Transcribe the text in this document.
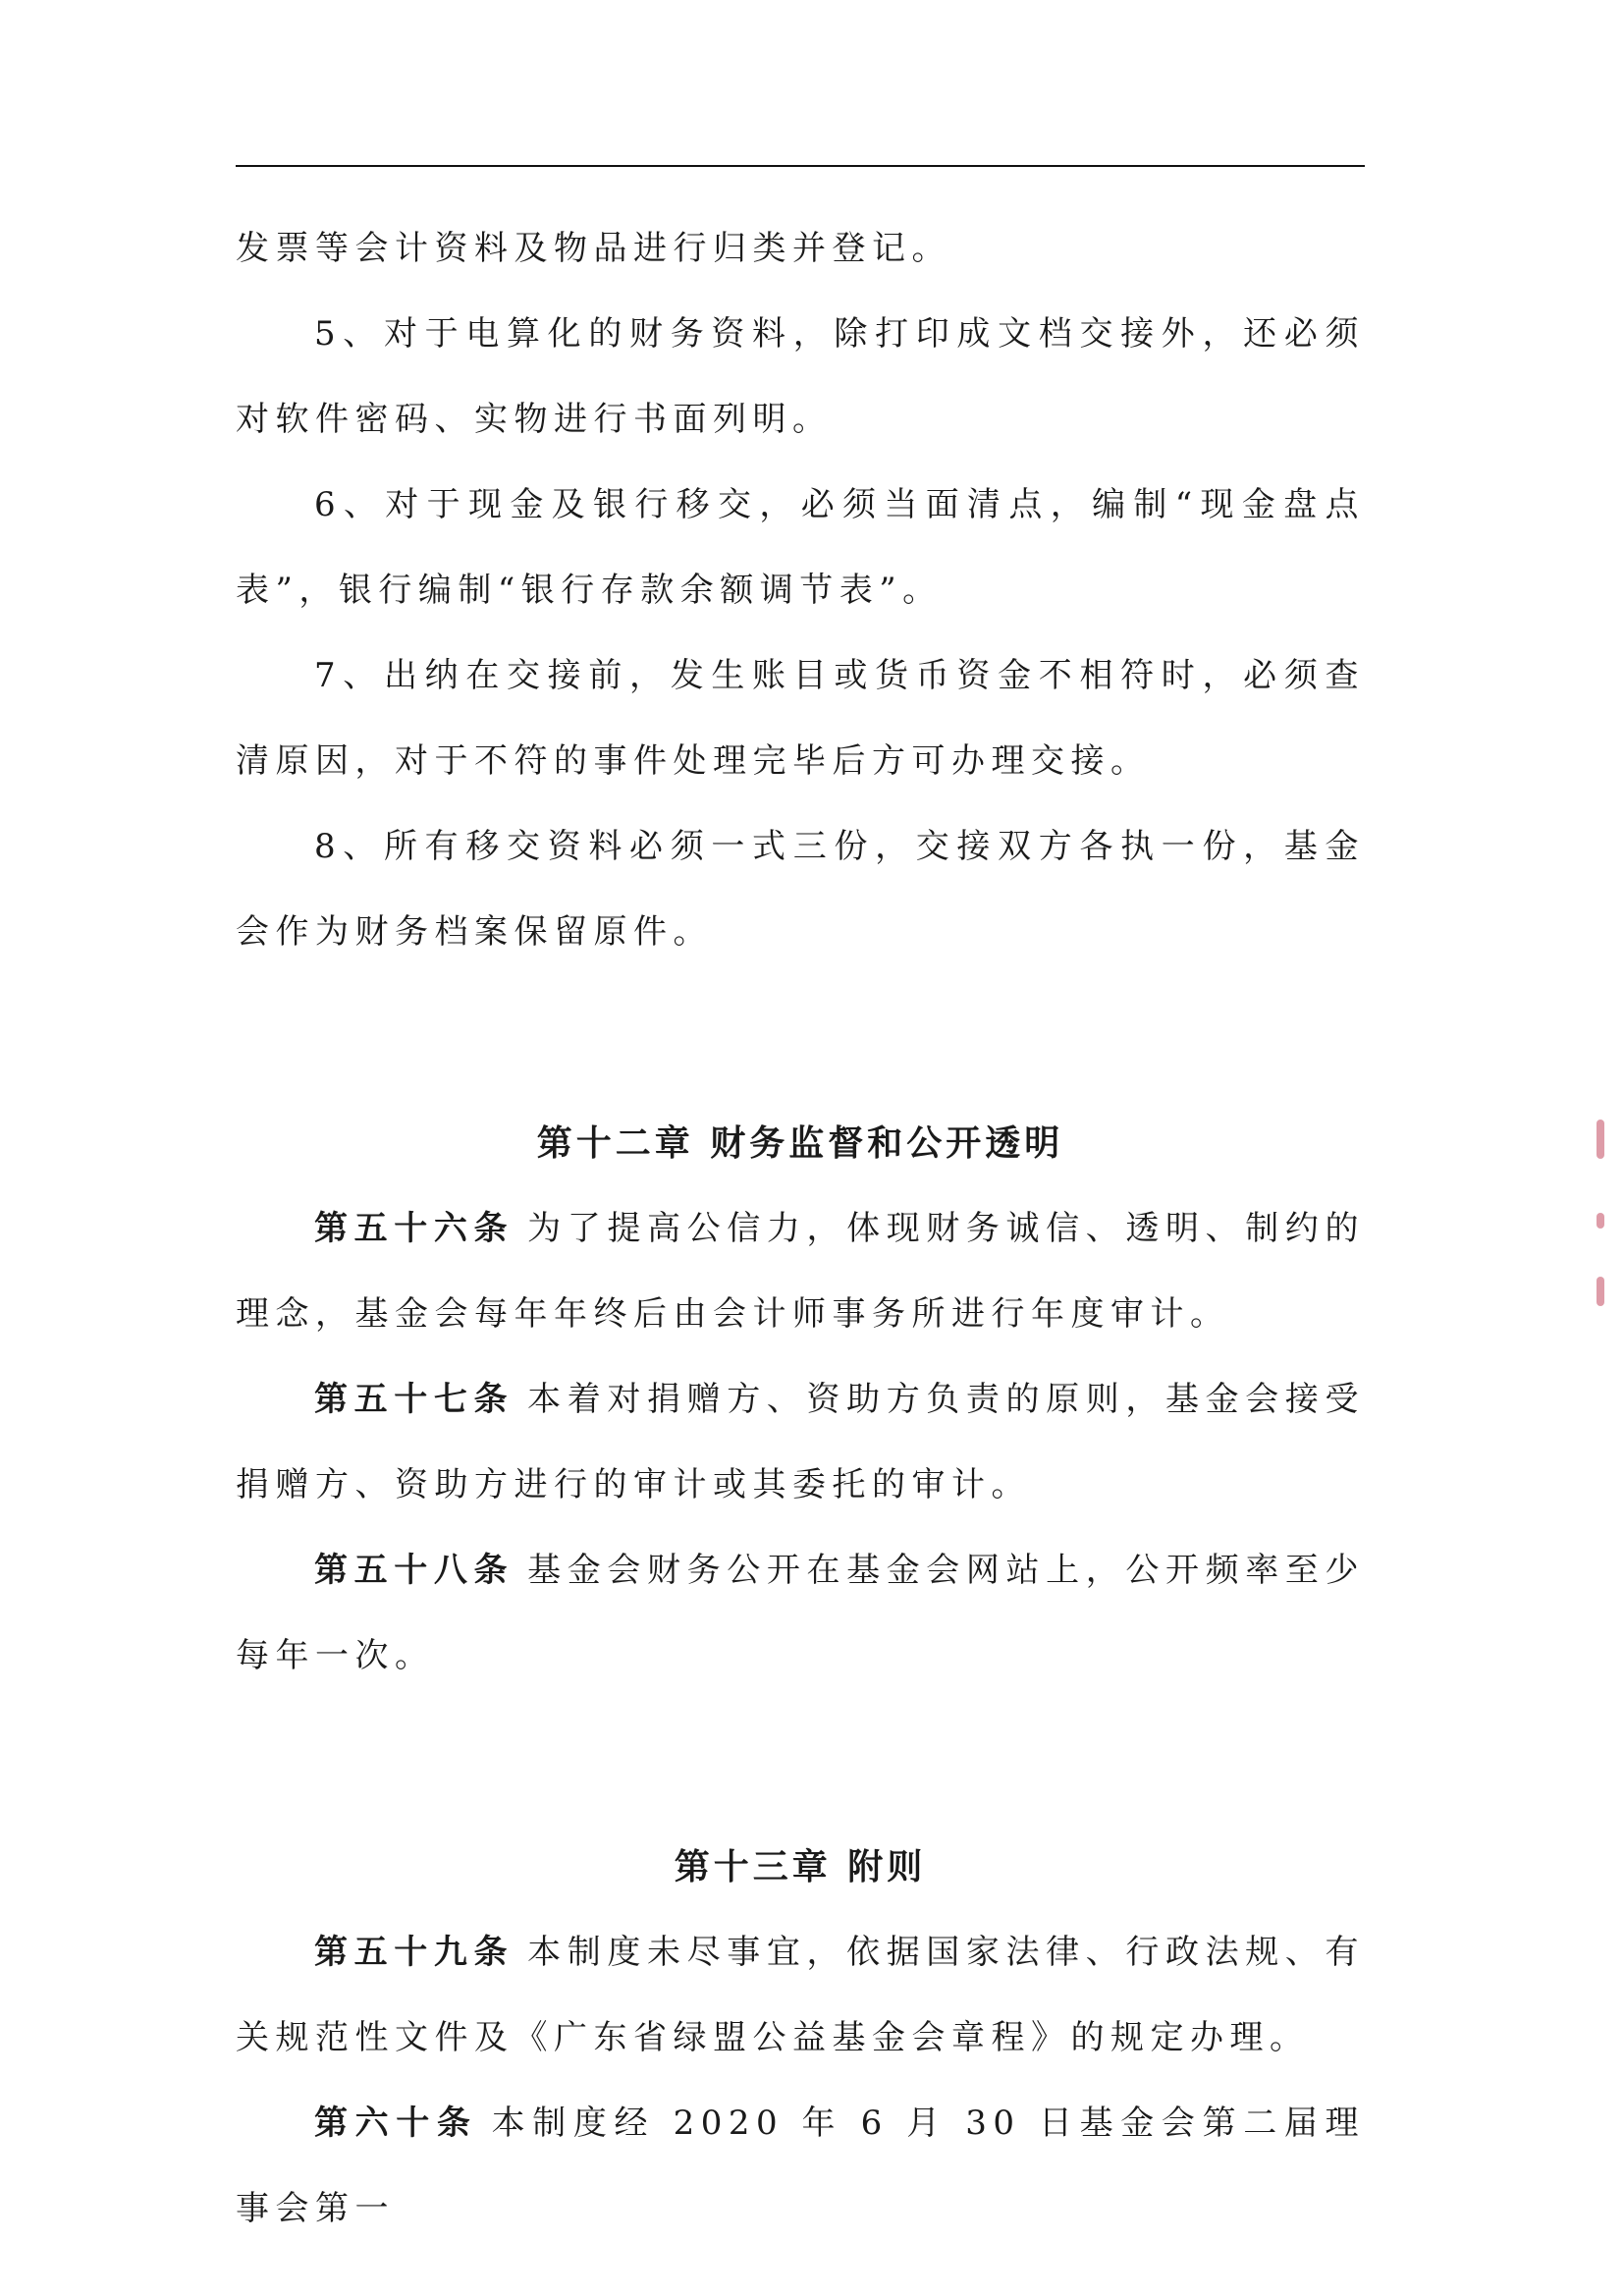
发票等会计资料及物品进行归类并登记。

5、对于电算化的财务资料，除打印成文档交接外，还必须对软件密码、实物进行书面列明。

6、对于现金及银行移交，必须当面清点，编制“现金盘点表”，银行编制“银行存款余额调节表”。

7、出纳在交接前，发生账目或货币资金不相符时，必须查清原因，对于不符的事件处理完毕后方可办理交接。

8、所有移交资料必须一式三份，交接双方各执一份，基金会作为财务档案保留原件。

第十二章 财务监督和公开透明

第五十六条 为了提高公信力，体现财务诚信、透明、制约的理念，基金会每年年终后由会计师事务所进行年度审计。

第五十七条 本着对捐赠方、资助方负责的原则，基金会接受捐赠方、资助方进行的审计或其委托的审计。

第五十八条 基金会财务公开在基金会网站上，公开频率至少每年一次。

第十三章 附则

第五十九条 本制度未尽事宜，依据国家法律、行政法规、有关规范性文件及《广东省绿盟公益基金会章程》的规定办理。

第六十条 本制度经 2020 年 6 月 30 日基金会第二届理事会第一
